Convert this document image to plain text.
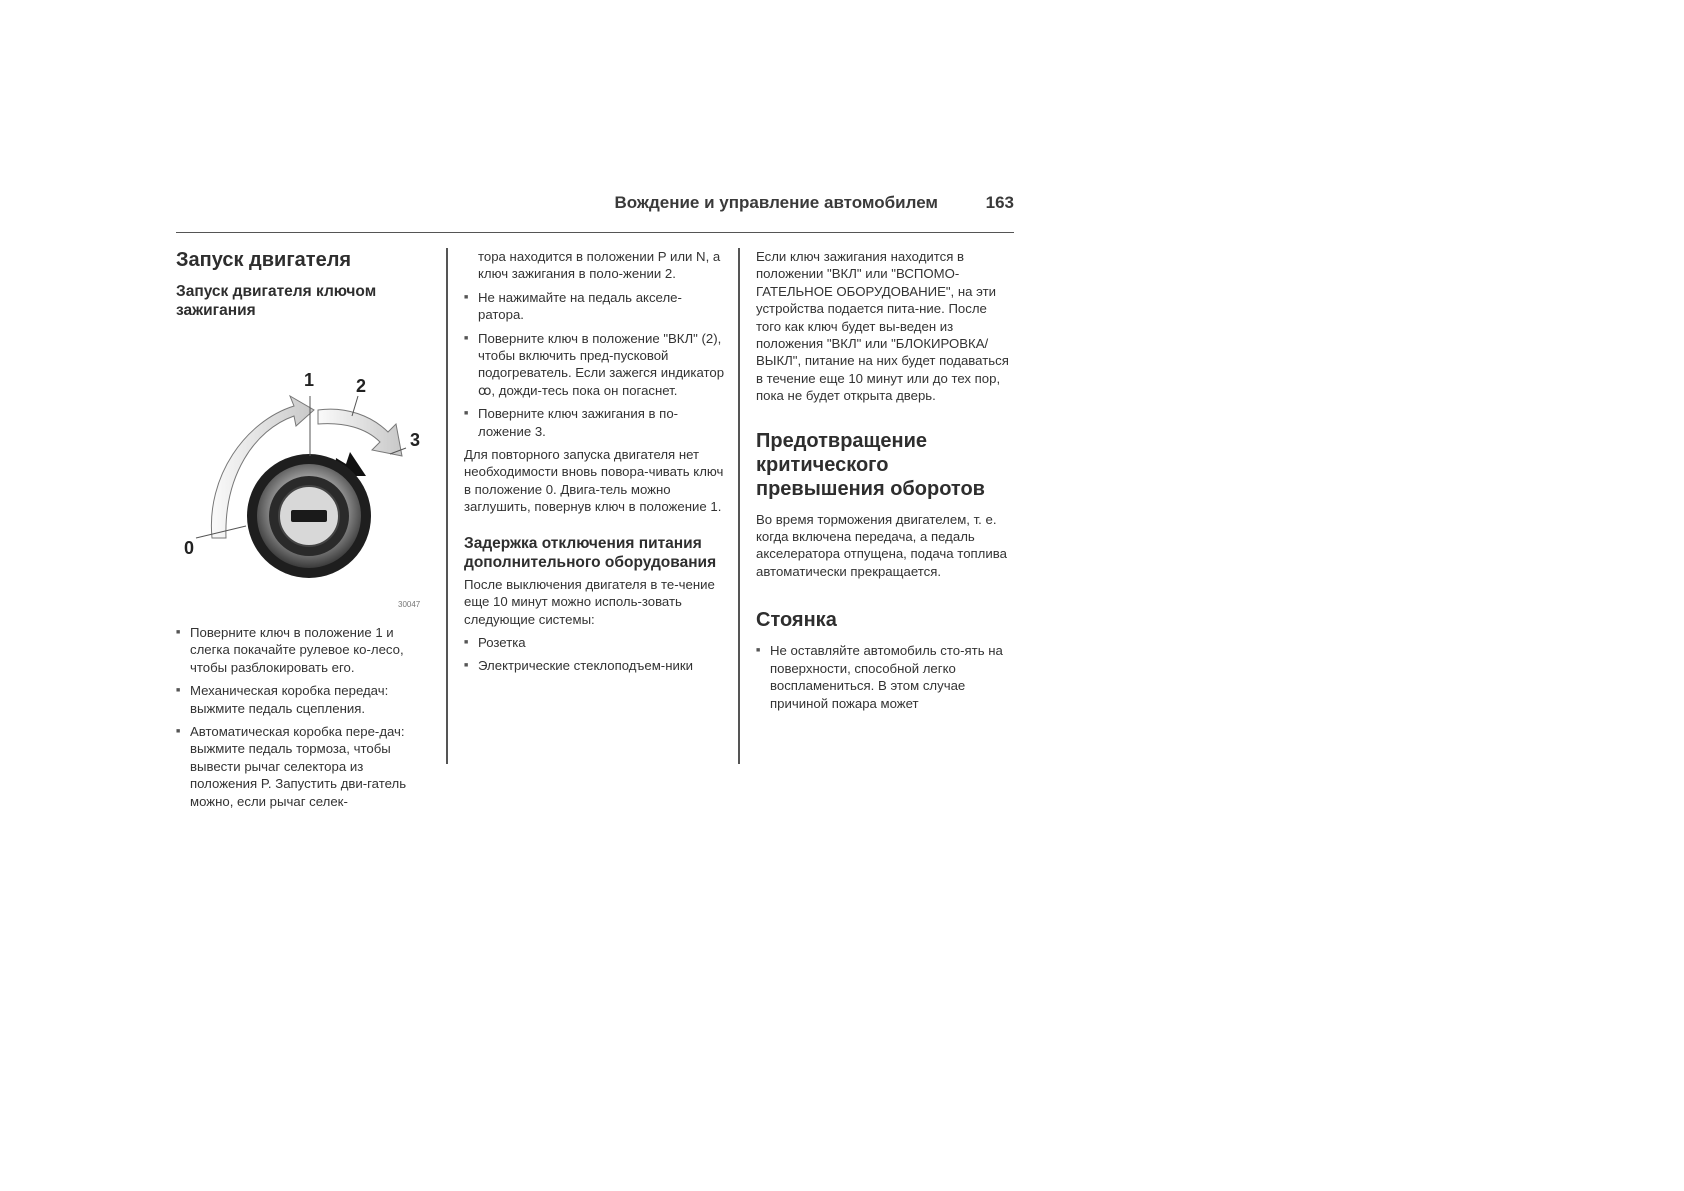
Вождение и управление автомобилем	163
Запуск двигателя
Запуск двигателя ключом зажигания
0
1 2
3
30047
■ Поверните ключ в положение 1 и слегка покачайте рулевое ко-лесо, чтобы разблокировать его.
■ Механическая коробка передач: выжмите педаль сцепления.
■ Автоматическая коробка пере-дач: выжмите педаль тормоза, чтобы вывести рычаг селектора из положения P. Запустить дви-гатель можно, если рычаг селек-
тора находится в положении P или N, а ключ зажигания в поло-жении 2.
■ Не нажимайте на педаль акселе-ратора.
■ Поверните ключ в положение "ВКЛ" (2), чтобы включить пред-пусковой подогреватель. Если зажегся индикатор ꝏ, дожди-тесь пока он погаснет.
■ Поверните ключ зажигания в по-ложение 3.

Для повторного запуска двигателя нет необходимости вновь повора-чивать ключ в положение 0. Двига-тель можно заглушить, повернув ключ в положение 1.

Задержка отключения питания дополнительного оборудования

После выключения двигателя в те-чение еще 10 минут можно исполь-зовать следующие системы:

■ Розетка
■ Электрические стеклоподъем-ники

Если ключ зажигания находится в положении "ВКЛ" или "ВСПОМО-ГАТЕЛЬНОЕ ОБОРУДОВАНИЕ", на эти устройства подается пита-ние. После того как ключ будет вы-веден из положения "ВКЛ" или "БЛОКИРОВКА/ВЫКЛ", питание на них будет подаваться в течение еще 10 минут или до тех пор, пока не будет открыта дверь.

Предотвращение критического превышения оборотов

Во время торможения двигателем, т. е. когда включена передача, а педаль акселератора отпущена, подача топлива автоматически прекращается.

Стоянка
■ Не оставляйте автомобиль сто-ять на поверхности, способной легко воспламениться. В этом случае причиной пожара может
